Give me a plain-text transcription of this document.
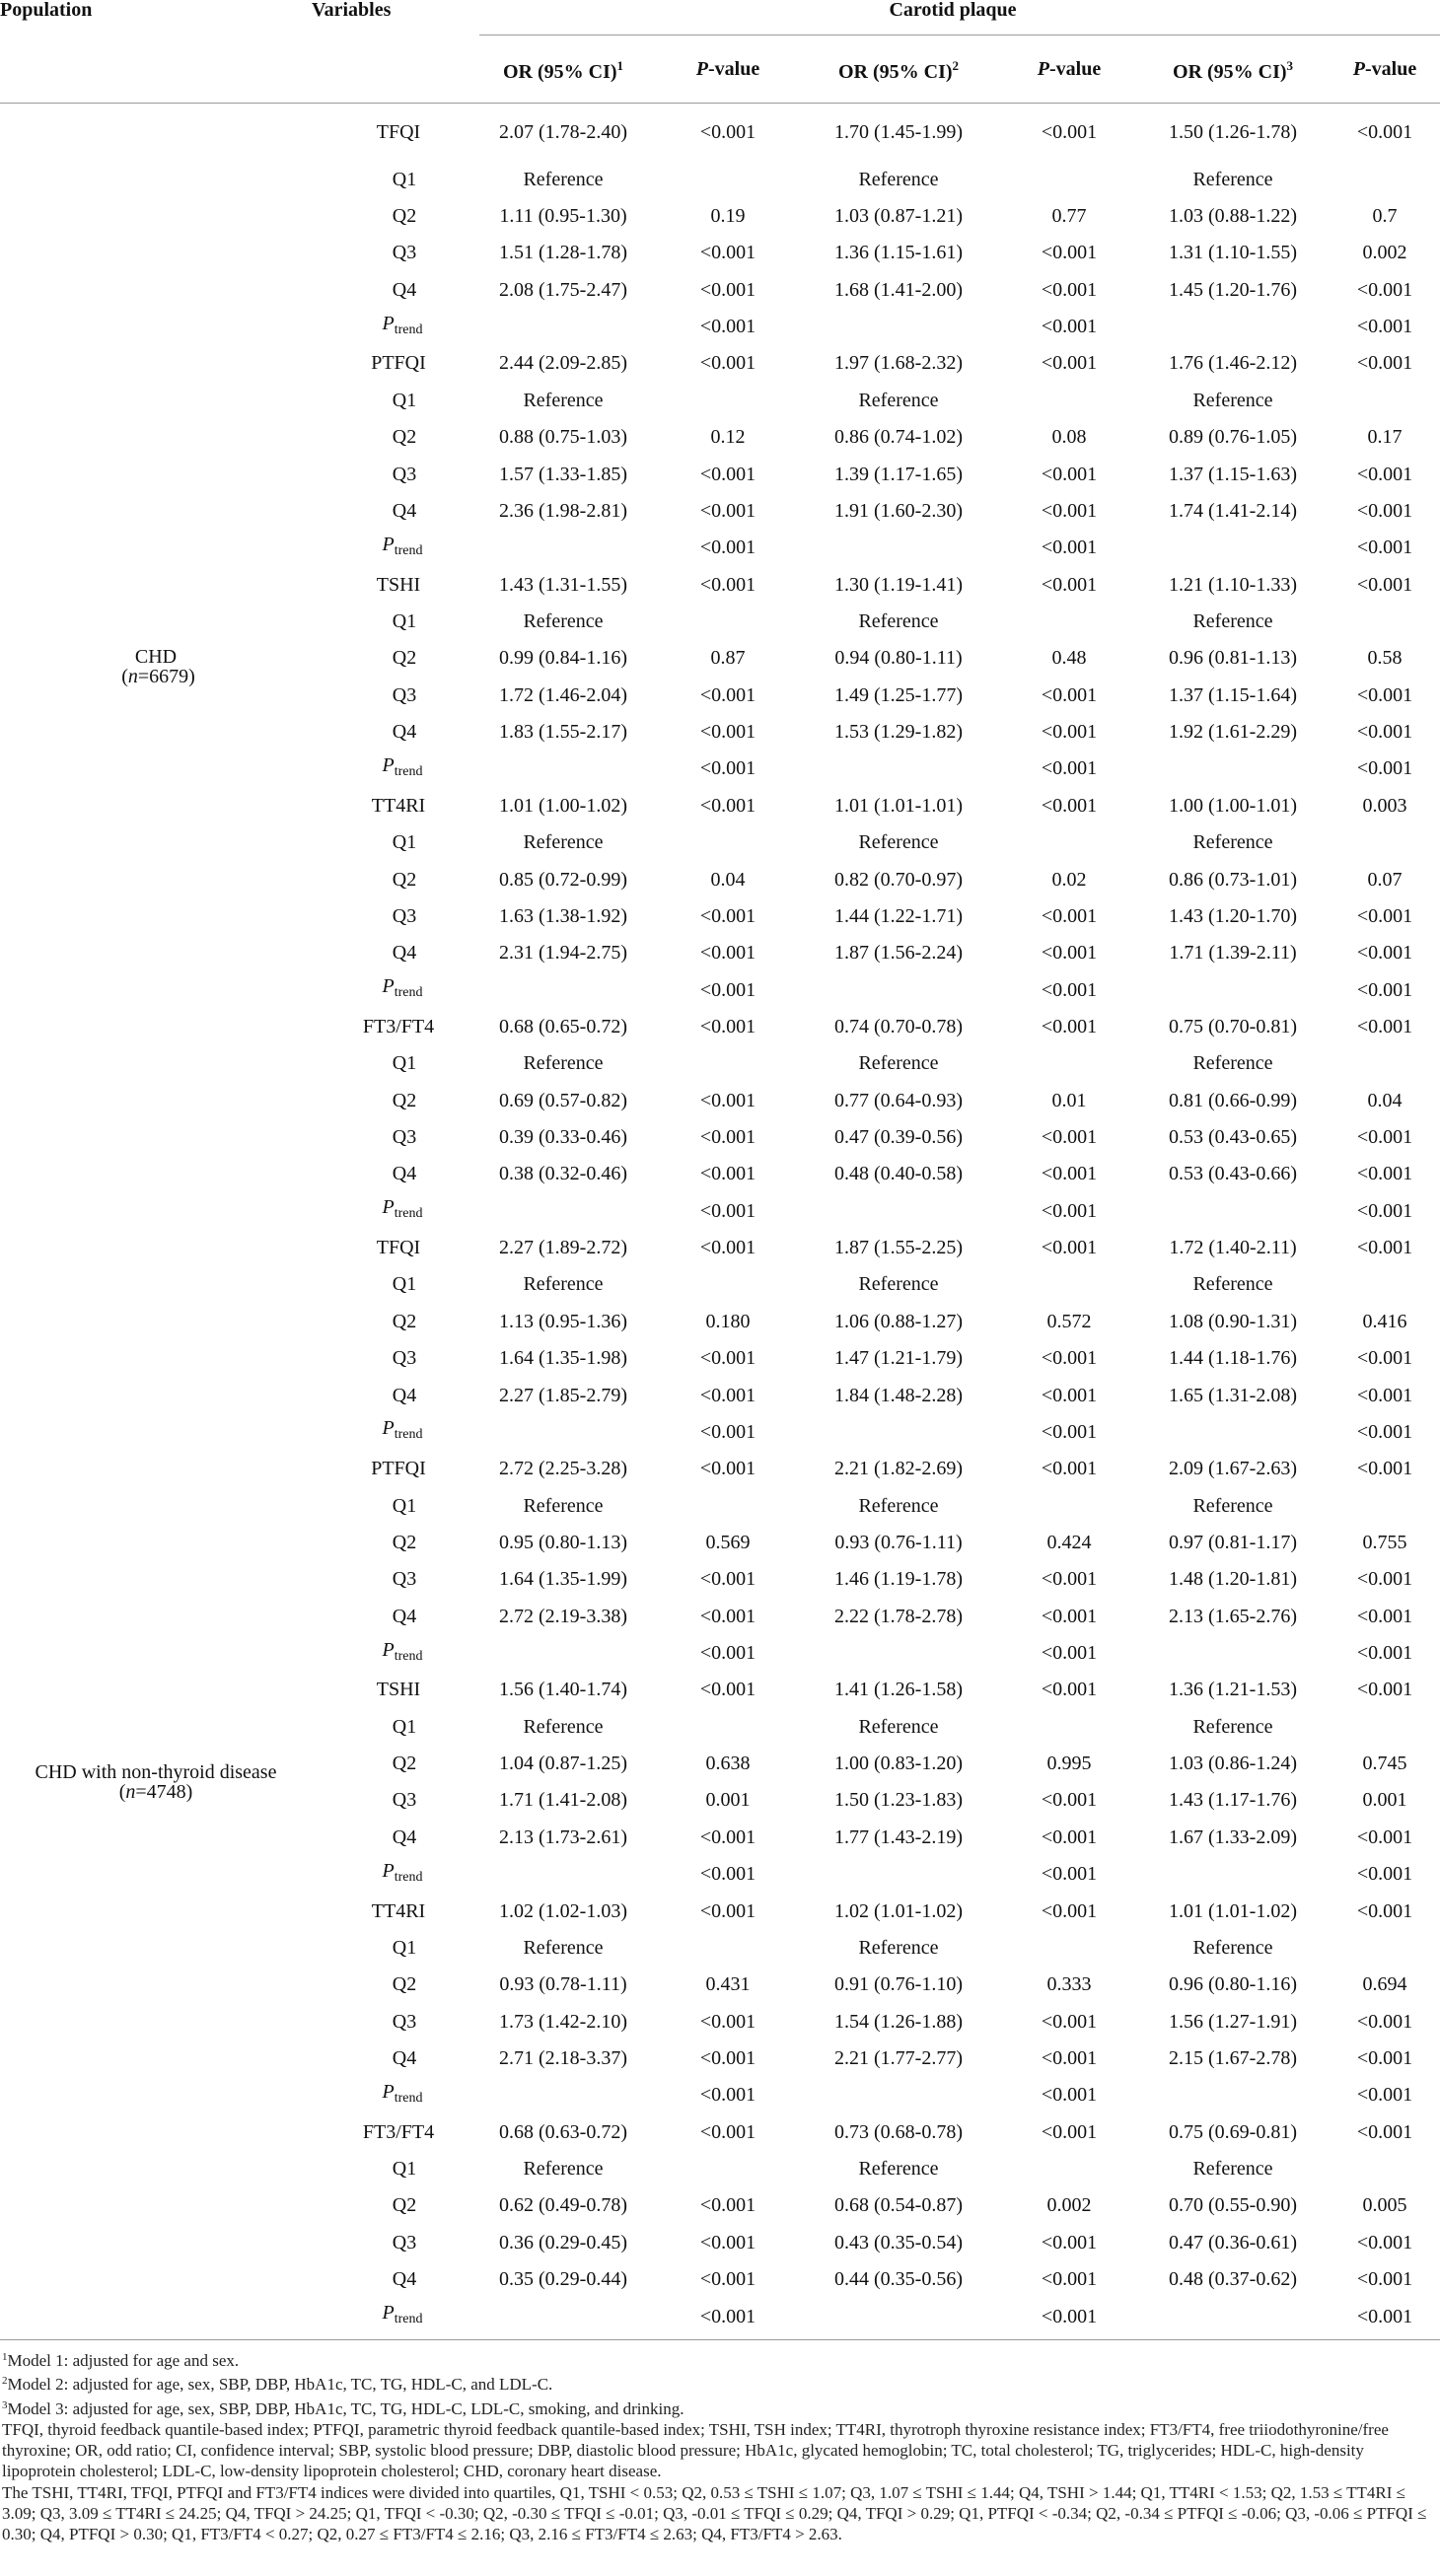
Population	Variables	Carotid plaque					

		OR (95% CI)$^1$	P-value	OR (95% CI)$^2$	P-value	OR (95% CI)$^3$	P-value
CHD
(n=6679)	TFQI	2.07 (1.78-2.40)	<0.001	1.70 (1.45-1.99)	<0.001	1.50 (1.26-1.78)	<0.001
	Q1	Reference		Reference		Reference	
	Q2	1.11 (0.95-1.30)	0.19	1.03 (0.87-1.21)	0.77	1.03 (0.88-1.22)	0.7
	Q3	1.51 (1.28-1.78)	<0.001	1.36 (1.15-1.61)	<0.001	1.31 (1.10-1.55)	0.002
	Q4	2.08 (1.75-2.47)	<0.001	1.68 (1.41-2.00)	<0.001	1.45 (1.20-1.76)	<0.001
	$P_{trend}$		<0.001		<0.001		<0.001
	PTFQI	2.44 (2.09-2.85)	<0.001	1.97 (1.68-2.32)	<0.001	1.76 (1.46-2.12)	<0.001
	Q1	Reference		Reference		Reference	
	Q2	0.88 (0.75-1.03)	0.12	0.86 (0.74-1.02)	0.08	0.89 (0.76-1.05)	0.17
	Q3	1.57 (1.33-1.85)	<0.001	1.39 (1.17-1.65)	<0.001	1.37 (1.15-1.63)	<0.001
	Q4	2.36 (1.98-2.81)	<0.001	1.91 (1.60-2.30)	<0.001	1.74 (1.41-2.14)	<0.001
	$P_{trend}$		<0.001		<0.001		<0.001
	TSHI	1.43 (1.31-1.55)	<0.001	1.30 (1.19-1.41)	<0.001	1.21 (1.10-1.33)	<0.001
	Q1	Reference		Reference		Reference	
	Q2	0.99 (0.84-1.16)	0.87	0.94 (0.80-1.11)	0.48	0.96 (0.81-1.13)	0.58
	Q3	1.72 (1.46-2.04)	<0.001	1.49 (1.25-1.77)	<0.001	1.37 (1.15-1.64)	<0.001
	Q4	1.83 (1.55-2.17)	<0.001	1.53 (1.29-1.82)	<0.001	1.92 (1.61-2.29)	<0.001
	$P_{trend}$		<0.001		<0.001		<0.001
	TT4RI	1.01 (1.00-1.02)	<0.001	1.01 (1.01-1.01)	<0.001	1.00 (1.00-1.01)	0.003
	Q1	Reference		Reference		Reference	
	Q2	0.85 (0.72-0.99)	0.04	0.82 (0.70-0.97)	0.02	0.86 (0.73-1.01)	0.07
	Q3	1.63 (1.38-1.92)	<0.001	1.44 (1.22-1.71)	<0.001	1.43 (1.20-1.70)	<0.001
	Q4	2.31 (1.94-2.75)	<0.001	1.87 (1.56-2.24)	<0.001	1.71 (1.39-2.11)	<0.001
	$P_{trend}$		<0.001		<0.001		<0.001
	FT3/FT4	0.68 (0.65-0.72)	<0.001	0.74 (0.70-0.78)	<0.001	0.75 (0.70-0.81)	<0.001
	Q1	Reference		Reference		Reference	
	Q2	0.69 (0.57-0.82)	<0.001	0.77 (0.64-0.93)	0.01	0.81 (0.66-0.99)	0.04
	Q3	0.39 (0.33-0.46)	<0.001	0.47 (0.39-0.56)	<0.001	0.53 (0.43-0.65)	<0.001
	Q4	0.38 (0.32-0.46)	<0.001	0.48 (0.40-0.58)	<0.001	0.53 (0.43-0.66)	<0.001
	$P_{trend}$		<0.001		<0.001		<0.001
CHD with non-thyroid disease
(n=4748)	TFQI	2.27 (1.89-2.72)	<0.001	1.87 (1.55-2.25)	<0.001	1.72 (1.40-2.11)	<0.001
	Q1	Reference		Reference		Reference	
	Q2	1.13 (0.95-1.36)	0.180	1.06 (0.88-1.27)	0.572	1.08 (0.90-1.31)	0.416
	Q3	1.64 (1.35-1.98)	<0.001	1.47 (1.21-1.79)	<0.001	1.44 (1.18-1.76)	<0.001
	Q4	2.27 (1.85-2.79)	<0.001	1.84 (1.48-2.28)	<0.001	1.65 (1.31-2.08)	<0.001
	$P_{trend}$		<0.001		<0.001		<0.001
	PTFQI	2.72 (2.25-3.28)	<0.001	2.21 (1.82-2.69)	<0.001	2.09 (1.67-2.63)	<0.001
	Q1	Reference		Reference		Reference	
	Q2	0.95 (0.80-1.13)	0.569	0.93 (0.76-1.11)	0.424	0.97 (0.81-1.17)	0.755
	Q3	1.64 (1.35-1.99)	<0.001	1.46 (1.19-1.78)	<0.001	1.48 (1.20-1.81)	<0.001
	Q4	2.72 (2.19-3.38)	<0.001	2.22 (1.78-2.78)	<0.001	2.13 (1.65-2.76)	<0.001
	$P_{trend}$		<0.001		<0.001		<0.001
	TSHI	1.56 (1.40-1.74)	<0.001	1.41 (1.26-1.58)	<0.001	1.36 (1.21-1.53)	<0.001
	Q1	Reference		Reference		Reference	
	Q2	1.04 (0.87-1.25)	0.638	1.00 (0.83-1.20)	0.995	1.03 (0.86-1.24)	0.745
	Q3	1.71 (1.41-2.08)	0.001	1.50 (1.23-1.83)	<0.001	1.43 (1.17-1.76)	0.001
	Q4	2.13 (1.73-2.61)	<0.001	1.77 (1.43-2.19)	<0.001	1.67 (1.33-2.09)	<0.001
	$P_{trend}$		<0.001		<0.001		<0.001
	TT4RI	1.02 (1.02-1.03)	<0.001	1.02 (1.01-1.02)	<0.001	1.01 (1.01-1.02)	<0.001
	Q1	Reference		Reference		Reference	
	Q2	0.93 (0.78-1.11)	0.431	0.91 (0.76-1.10)	0.333	0.96 (0.80-1.16)	0.694
	Q3	1.73 (1.42-2.10)	<0.001	1.54 (1.26-1.88)	<0.001	1.56 (1.27-1.91)	<0.001
	Q4	2.71 (2.18-3.37)	<0.001	2.21 (1.77-2.77)	<0.001	2.15 (1.67-2.78)	<0.001
	$P_{trend}$		<0.001		<0.001		<0.001
	FT3/FT4	0.68 (0.63-0.72)	<0.001	0.73 (0.68-0.78)	<0.001	0.75 (0.69-0.81)	<0.001
	Q1	Reference		Reference		Reference	
	Q2	0.62 (0.49-0.78)	<0.001	0.68 (0.54-0.87)	0.002	0.70 (0.55-0.90)	0.005
	Q3	0.36 (0.29-0.45)	<0.001	0.43 (0.35-0.54)	<0.001	0.47 (0.36-0.61)	<0.001
	Q4	0.35 (0.29-0.44)	<0.001	0.44 (0.35-0.56)	<0.001	0.48 (0.37-0.62)	<0.001
	$P_{trend}$		<0.001		<0.001		<0.001

$^1$Model 1: adjusted for age and sex.

$^2$Model 2: adjusted for age, sex, SBP, DBP, HbA1c, TC, TG, HDL-C, and LDL-C.

$^3$Model 3: adjusted for age, sex, SBP, DBP, HbA1c, TC, TG, HDL-C, LDL-C, smoking, and drinking.

TFQI, thyroid feedback quantile-based index; PTFQI, parametric thyroid feedback quantile-based index; TSHI, TSH index; TT4RI, thyrotroph thyroxine resistance index; FT3/FT4, free triiodothyronine/free thyroxine; OR, odd ratio; CI, confidence interval; SBP, systolic blood pressure; DBP, diastolic blood pressure; HbA1c, glycated hemoglobin; TC, total cholesterol; TG, triglycerides; HDL-C, high-density lipoprotein cholesterol; LDL-C, low-density lipoprotein cholesterol; CHD, coronary heart disease.

The TSHI, TT4RI, TFQI, PTFQI and FT3/FT4 indices were divided into quartiles, Q1, TSHI < 0.53; Q2, 0.53 ≤ TSHI ≤ 1.07; Q3, 1.07 ≤ TSHI ≤ 1.44; Q4, TSHI > 1.44; Q1, TT4RI < 1.53; Q2, 1.53 ≤ TT4RI ≤ 3.09; Q3, 3.09 ≤ TT4RI ≤ 24.25; Q4, TFQI > 24.25; Q1, TFQI < -0.30; Q2, -0.30 ≤ TFQI ≤ -0.01; Q3, -0.01 ≤ TFQI ≤ 0.29; Q4, TFQI > 0.29; Q1, PTFQI < -0.34; Q2, -0.34 ≤ PTFQI ≤ -0.06; Q3, -0.06 ≤ PTFQI ≤ 0.30; Q4, PTFQI > 0.30; Q1, FT3/FT4 < 0.27; Q2, 0.27 ≤ FT3/FT4 ≤ 2.16; Q3, 2.16 ≤ FT3/FT4 ≤ 2.63; Q4, FT3/FT4 > 2.63.
